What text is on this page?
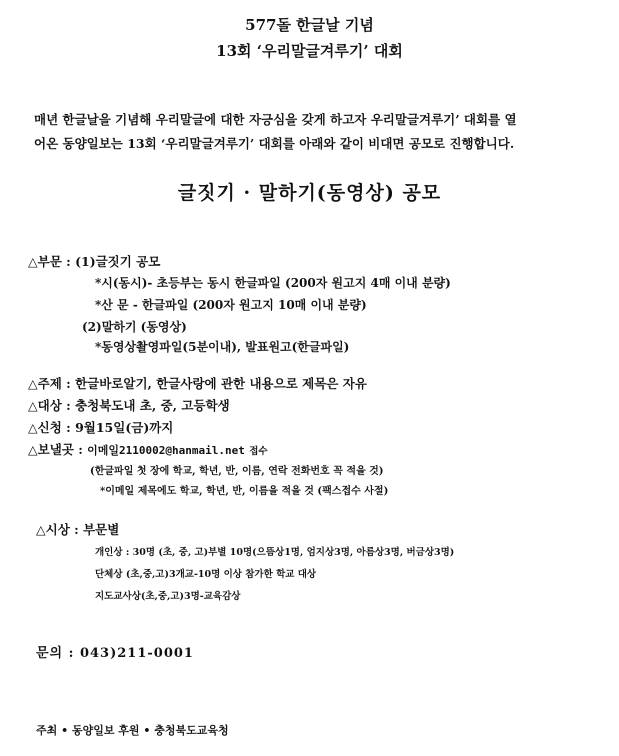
577돌 한글날 기념
13회 ‘우리말글겨루기’ 대회
매년 한글날을 기념해 우리말글에 대한 자긍심을 갖게 하고자 우리말글겨루기’ 대회를 열
어온 동양일보는 13회 ‘우리말글겨루기’ 대회를 아래와 같이 비대면 공모로 진행합니다.
글짓기 · 말하기(동영상) 공모
△부문 : (1)글짓기 공모
*시(동시)- 초등부는 동시 한글파일 (200자 원고지 4매 이내 분량)
*산 문 - 한글파일 (200자 원고지 10매 이내 분량)
(2)말하기 (동영상)
*동영상촬영파일(5분이내), 발표원고(한글파일)
△주제 : 한글바로알기, 한글사랑에 관한 내용으로 제목은 자유
△대상 : 충청북도내 초, 중, 고등학생
△신청 : 9월15일(금)까지
△보낼곳 : 이메일2110002@hanmail.net 접수
(한글파일 첫 장에 학교, 학년, 반, 이름, 연락 전화번호 꼭 적을 것)
*이메일 제목에도 학교, 학년, 반, 이름을 적을 것 (팩스접수 사절)
△시상 : 부문별
개인상 : 30명 (초, 중, 고)부별 10명(으뜸상1명, 엄지상3명, 아름상3명, 버금상3명)
단체상 (초,중,고)3개교-10명 이상 참가한 학교 대상
지도교사상(초,중,고)3명-교육감상
문의 : 043)211-0001
주최 • 동양일보 후원 • 충청북도교육청
